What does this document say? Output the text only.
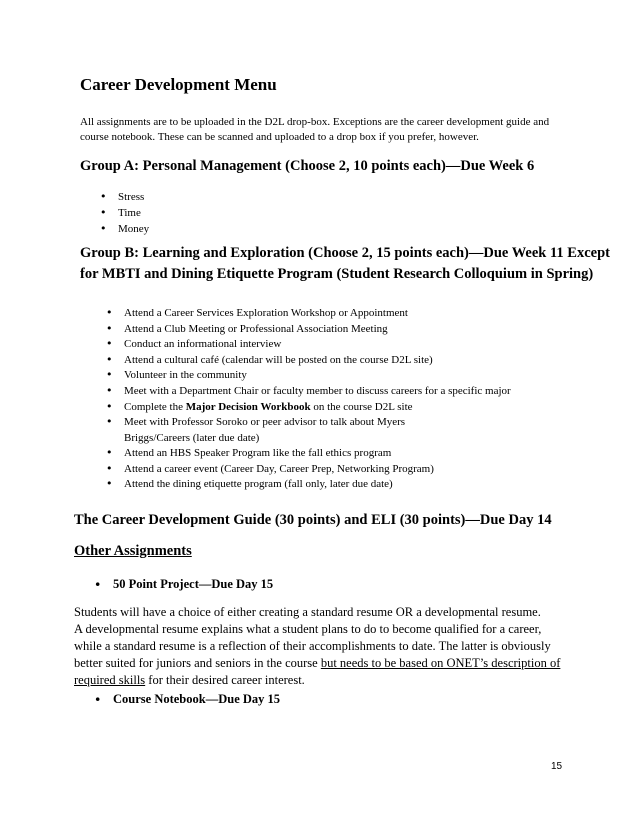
Career Development Menu
All assignments are to be uploaded in the D2L drop-box. Exceptions are the career development guide and
course notebook. These can be scanned and uploaded to a drop box if you prefer, however.
Group A: Personal Management (Choose 2, 10 points each)—Due Week 6
• Stress
• Time
• Money
Group B: Learning and Exploration (Choose 2, 15 points each)—Due Week 11 Except
for MBTI and Dining Etiquette Program (Student Research Colloquium in Spring)
• Attend a Career Services Exploration Workshop or Appointment
• Attend a Club Meeting or Professional Association Meeting
• Conduct an informational interview
• Attend a cultural café (calendar will be posted on the course D2L site)
• Volunteer in the community
• Meet with a Department Chair or faculty member to discuss careers for a specific major
• Complete the Major Decision Workbook on the course D2L site
•	Meet with Professor Soroko or peer advisor to talk about Myers
Briggs/Careers (later due date)
• Attend an HBS Speaker Program like the fall ethics program
• Attend a career event (Career Day, Career Prep, Networking Program)
• Attend the dining etiquette program (fall only, later due date)
The Career Development Guide (30 points) and ELI (30 points)—Due Day 14
Other Assignments
• 50 Point Project—Due Day 15
Students will have a choice of either creating a standard resume OR a developmental resume.
A developmental resume explains what a student plans to do to become qualified for a career,
while a standard resume is a reflection of their accomplishments to date. The latter is obviously
better suited for juniors and seniors in the course but needs to be based on ONET’s description of
required skills for their desired career interest.
• Course Notebook—Due Day 15
15
